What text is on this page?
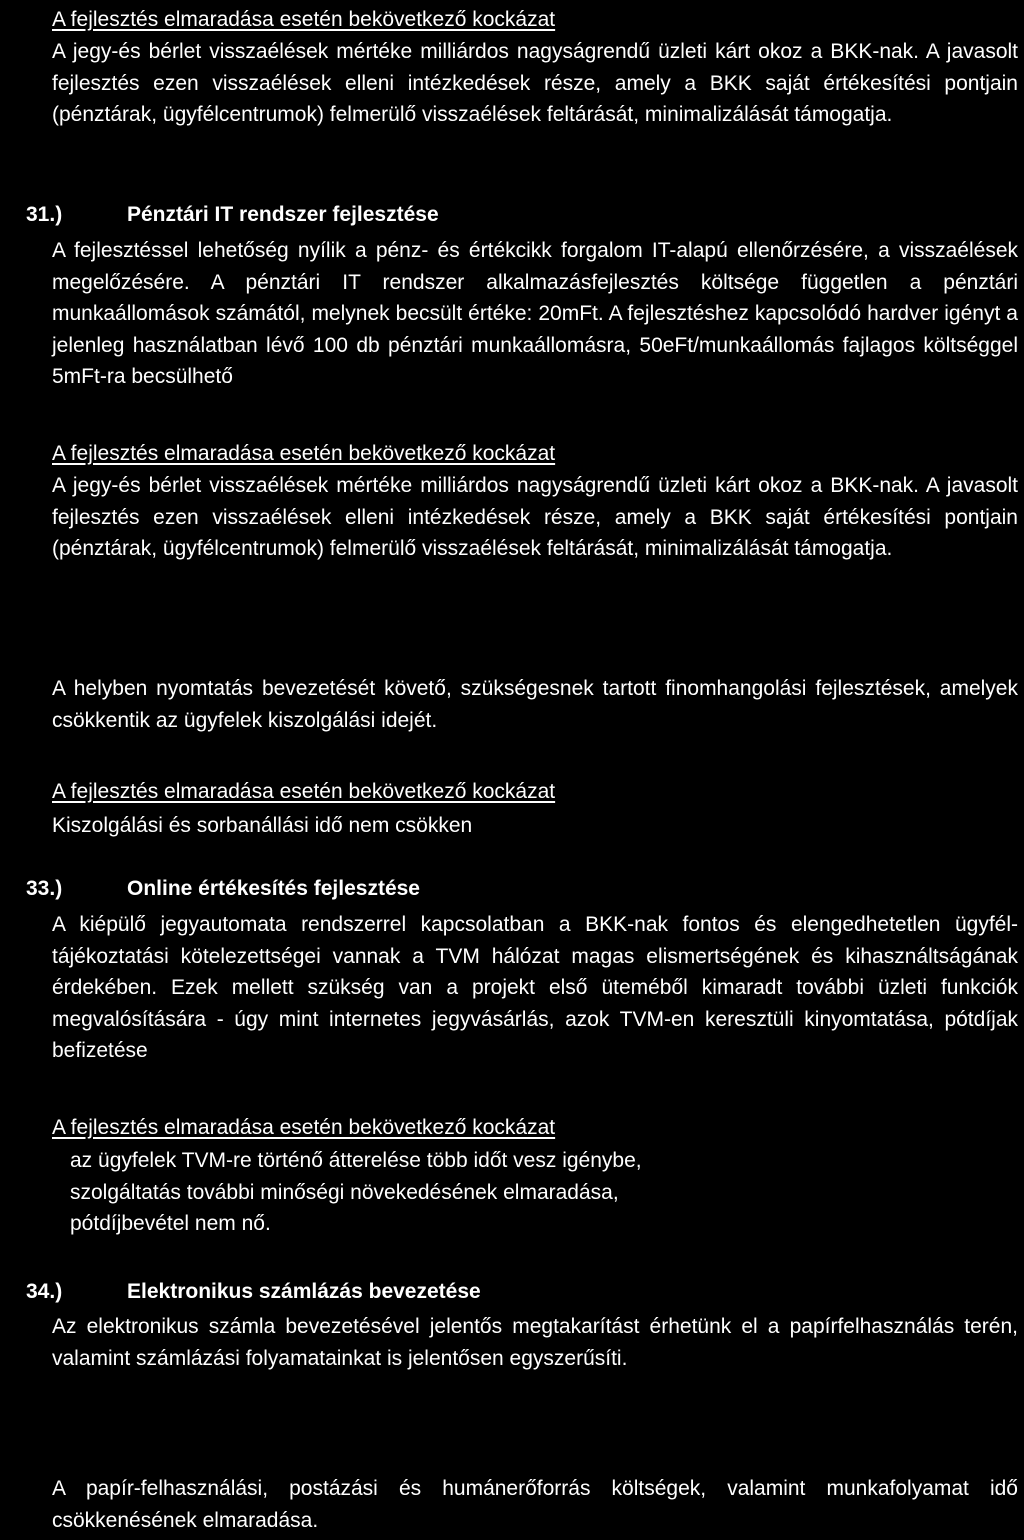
A fejlesztés elmaradása esetén bekövetkező kockázat

A jegy-és bérlet visszaélések mértéke milliárdos nagyságrendű üzleti kárt okoz a BKK-nak. A javasolt fejlesztés ezen visszaélések elleni intézkedések része, amely a BKK saját értékesítési pontjain (pénztárak, ügyfélcentrumok) felmerülő visszaélések feltárását, minimalizálását támogatja.

31.)	Pénztári IT rendszer fejlesztése

A fejlesztéssel lehetőség nyílik a pénz- és értékcikk forgalom IT-alapú ellenőrzésére, a visszaélések megelőzésére. A pénztári IT rendszer alkalmazásfejlesztés költsége független a pénztári munkaállomások számától, melynek becsült értéke: 20mFt. A fejlesztéshez kapcsolódó hardver igényt a jelenleg használatban lévő 100 db pénztári munkaállomásra, 50eFt/munkaállomás fajlagos költséggel 5mFt-ra becsülhető

A fejlesztés elmaradása esetén bekövetkező kockázat

A jegy-és bérlet visszaélések mértéke milliárdos nagyságrendű üzleti kárt okoz a BKK-nak. A javasolt fejlesztés ezen visszaélések elleni intézkedések része, amely a BKK saját értékesítési pontjain (pénztárak, ügyfélcentrumok) felmerülő visszaélések feltárását, minimalizálását támogatja.

A helyben nyomtatás bevezetését követő, szükségesnek tartott finomhangolási fejlesztések, amelyek csökkentik az ügyfelek kiszolgálási idejét.

A fejlesztés elmaradása esetén bekövetkező kockázat

Kiszolgálási és sorbanállási idő nem csökken

33.)	Online értékesítés fejlesztése

A kiépülő jegyautomata rendszerrel kapcsolatban a BKK-nak fontos és elengedhetetlen ügyfél-tájékoztatási kötelezettségei vannak a TVM hálózat magas elismertségének és kihasználtságának érdekében. Ezek mellett szükség van a projekt első üteméből kimaradt további üzleti funkciók megvalósítására - úgy mint internetes jegyvásárlás, azok TVM-en keresztüli kinyomtatása, pótdíjak befizetése

A fejlesztés elmaradása esetén bekövetkező kockázat
az ügyfelek TVM-re történő átterelése több időt vesz igénybe,
szolgáltatás további minőségi növekedésének elmaradása,
pótdíjbevétel nem nő.
34.)	Elektronikus számlázás bevezetése

Az elektronikus számla bevezetésével jelentős megtakarítást érhetünk el a papírfelhasználás terén, valamint számlázási folyamatainkat is jelentősen egyszerűsíti.

A papír-felhasználási, postázási és humánerőforrás költségek, valamint munkafolyamat idő csökkenésének elmaradása.
